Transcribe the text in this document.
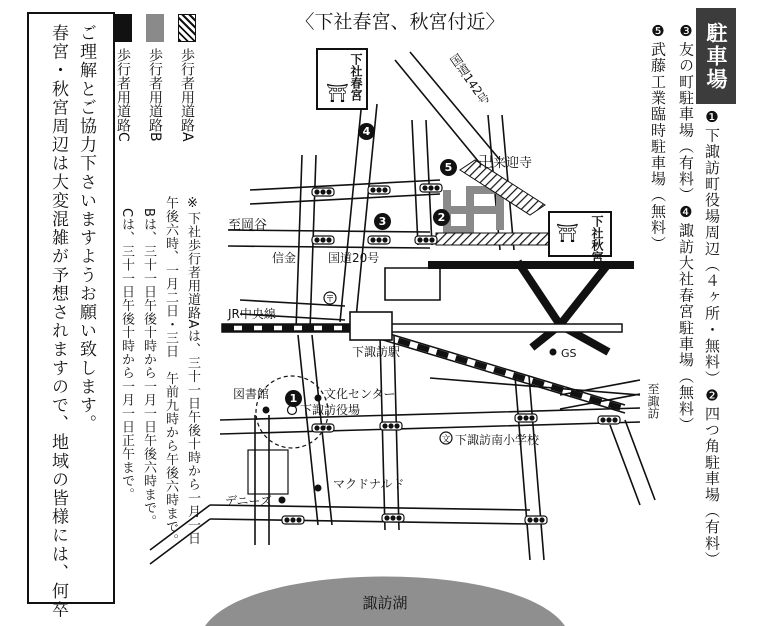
春宮・秋宮周辺は大変混雑が予想されますので、地域の皆様には、何卒 ご理解とご協力下さいますようお願い致します。 歩行者用道路C 歩行者用道路B 歩行者用道路A
※下社歩行者用道路Aは、三十一日午後十時から一月一日
午後六時、一月二日・三日　午前九時から午後六時まで。
Bは、三十一日午後十時から一月一日午後六時まで。
Cは、三十一日午後十時から一月一日正午まで。	〒
文
〈下社春宮、秋宮付近〉
来迎寺
卍
至岡谷
信金	国道20号
JR中央線
下諏訪駅	GS
図書館	文化センター
下諏訪役場
下諏訪南小学校
デニーズ
マクドナルド
諏訪湖
国道142号
至諏訪
下社春宮
⛩
下社秋宮
⛩
4
5
3	2
1
駐車場
❶下諏訪町役場周辺（４ヶ所・無料）❷四つ角駐車場（有料）
❸友の町駐車場（有料）❹諏訪大社春宮駐車場（無料）
❺武藤工業臨時駐車場（無料）
